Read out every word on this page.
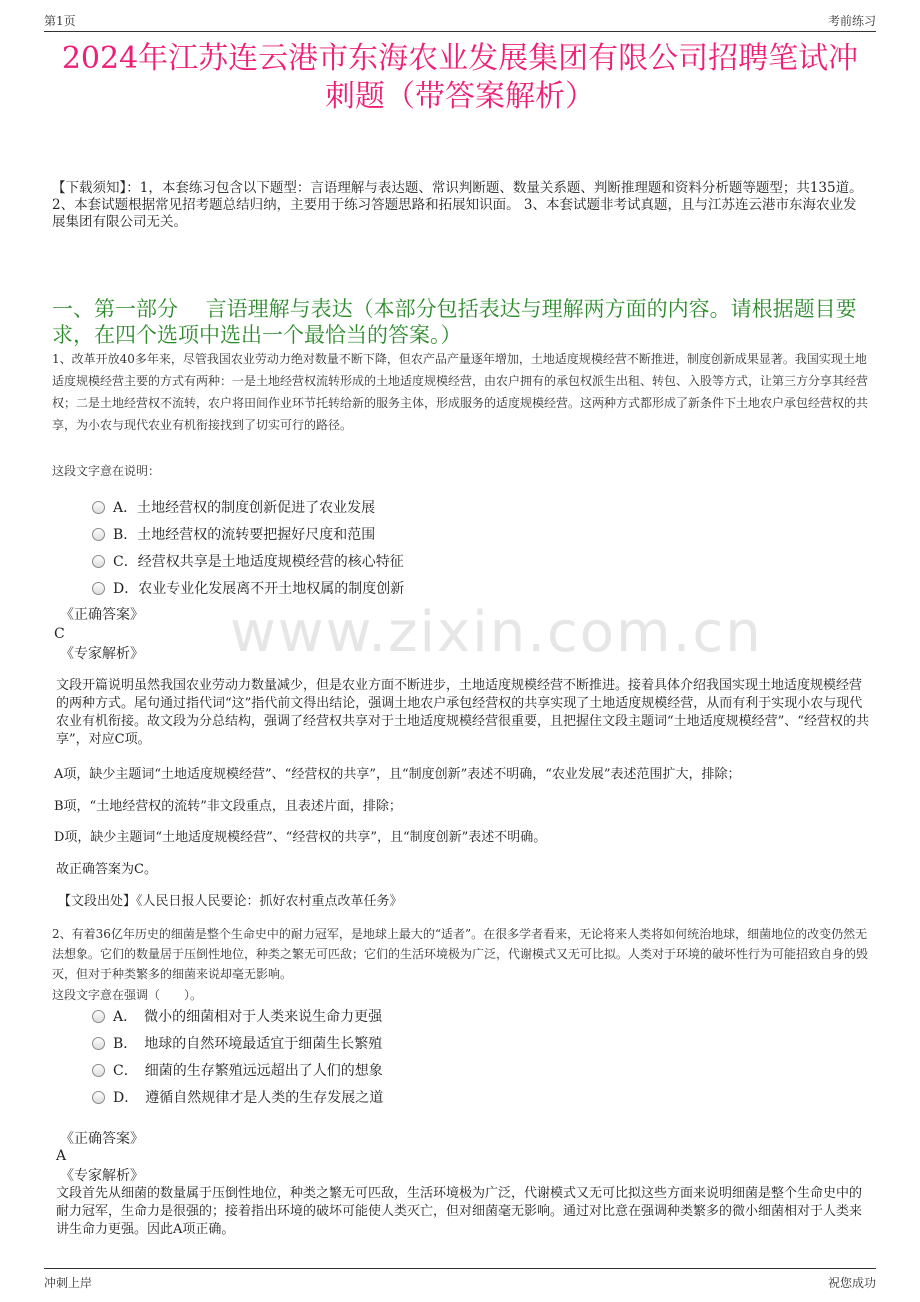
第1页	考前练习
2024年江苏连云港市东海农业发展集团有限公司招聘笔试冲刺题（带答案解析）
【下载须知】：1，本套练习包含以下题型：言语理解与表达题、常识判断题、数量关系题、判断推理题和资料分析题等题型；共135道。 2、本套试题根据常见招考题总结归纳，主要用于练习答题思路和拓展知识面。 3、本套试题非考试真题，且与江苏连云港市东海农业发展集团有限公司无关。
一、第一部分　 言语理解与表达（本部分包括表达与理解两方面的内容。请根据题目要求，在四个选项中选出一个最恰当的答案。）
www.zixin.com.cn
1、改革开放40多年来，尽管我国农业劳动力绝对数量不断下降，但农产品产量逐年增加，土地适度规模经营不断推进，制度创新成果显著。我国实现土地适度规模经营主要的方式有两种：一是土地经营权流转形成的土地适度规模经营，由农户拥有的承包权派生出租、转包、入股等方式，让第三方分享其经营权；二是土地经营权不流转，农户将田间作业环节托转给新的服务主体，形成服务的适度规模经营。这两种方式都形成了新条件下土地农户承包经营权的共享，为小农与现代农业有机衔接找到了切实可行的路径。
这段文字意在说明：
A．土地经营权的制度创新促进了农业发展
B．土地经营权的流转要把握好尺度和范围
C．经营权共享是土地适度规模经营的核心特征
D．农业专业化发展离不开土地权属的制度创新
《正确答案》
C
《专家解析》
文段开篇说明虽然我国农业劳动力数量减少，但是农业方面不断进步，土地适度规模经营不断推进。接着具体介绍我国实现土地适度规模经营的两种方式。尾句通过指代词“这”指代前文得出结论，强调土地农户承包经营权的共享实现了土地适度规模经营，从而有利于实现小农与现代农业有机衔接。故文段为分总结构，强调了经营权共享对于土地适度规模经营很重要，且把握住文段主题词“土地适度规模经营”、“经营权的共享”，对应C项。
A项，缺少主题词“土地适度规模经营”、“经营权的共享”，且“制度创新”表述不明确，“农业发展”表述范围扩大，排除；
B项，“土地经营权的流转”非文段重点，且表述片面，排除；
D项，缺少主题词“土地适度规模经营”、“经营权的共享”，且“制度创新”表述不明确。
故正确答案为C。
【文段出处】《人民日报人民要论：抓好农村重点改革任务》
2、有着36亿年历史的细菌是整个生命史中的耐力冠军，是地球上最大的“适者”。在很多学者看来，无论将来人类将如何统治地球，细菌地位的改变仍然无法想象。它们的数量居于压倒性地位，种类之繁无可匹敌；它们的生活环境极为广泛，代谢模式又无可比拟。人类对于环境的破坏性行为可能招致自身的毁灭，但对于种类繁多的细菌来说却毫无影响。
这段文字意在强调（　　）。
A．　微小的细菌相对于人类来说生命力更强
B．　地球的自然环境最适宜于细菌生长繁殖
C．　细菌的生存繁殖远远超出了人们的想象
D．　遵循自然规律才是人类的生存发展之道
《正确答案》
A
《专家解析》
文段首先从细菌的数量属于压倒性地位，种类之繁无可匹敌，生活环境极为广泛，代谢模式又无可比拟这些方面来说明细菌是整个生命史中的耐力冠军，生命力是很强的；接着指出环境的破坏可能使人类灭亡，但对细菌毫无影响。通过对比意在强调种类繁多的微小细菌相对于人类来讲生命力更强。因此A项正确。
冲刺上岸	祝您成功
